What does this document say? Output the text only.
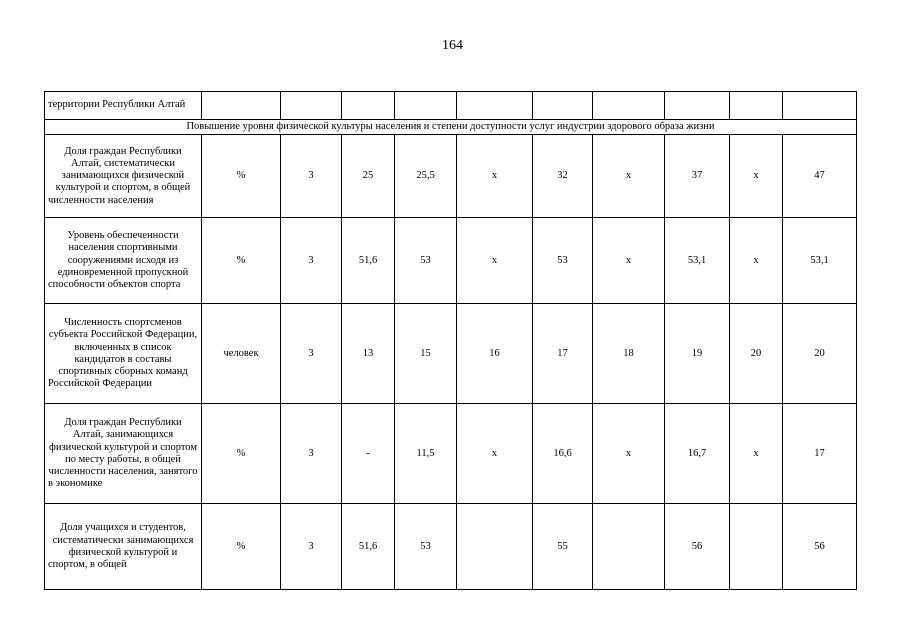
164
территории Республики Алтай										
Повышение уровня физической культуры населения и степени доступности услуг индустрии здорового образа жизни										
Доля граждан Республики Алтай, систематически занимающихся физической культурой и спортом, в общей численности населения	%	3	25	25,5	х	32	х	37	х	47
Уровень обеспеченности населения спортивными сооружениями исходя из единовременной пропускной способности объектов спорта	%	3	51,6	53	х	53	х	53,1	х	53,1
Численность спортсменов субъекта Российской Федерации, включенных в список кандидатов в составы спортивных сборных команд Российской Федерации	человек	3	13	15	16	17	18	19	20	20
Доля граждан Республики Алтай, занимающихся физической культурой и спортом по месту работы, в общей численности населения, занятого в экономике	%	3	-	11,5	х	16,6	х	16,7	х	17
Доля учащихся и студентов, систематически занимающихся физической культурой и спортом, в общей	%	3	51,6	53		55		56		56
